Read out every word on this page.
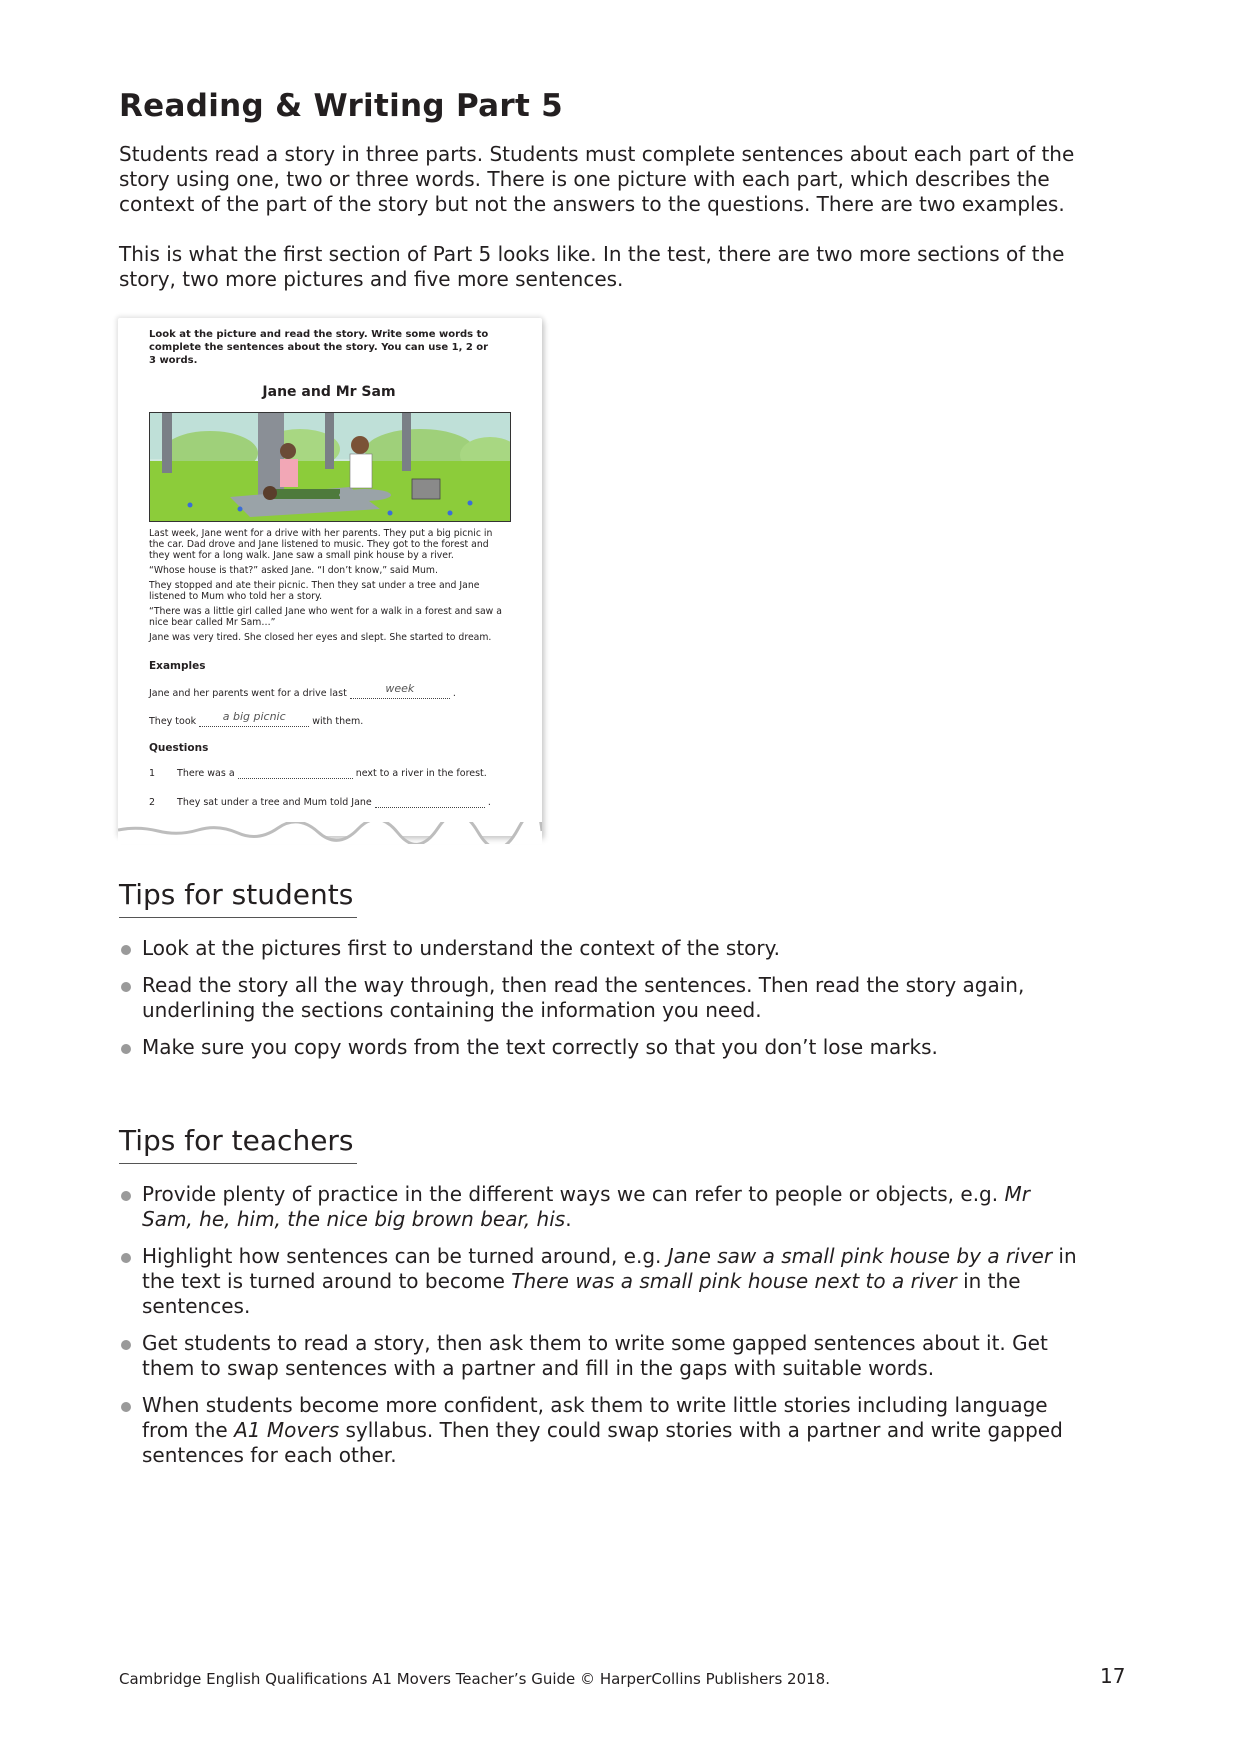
Reading & Writing Part 5

Students read a story in three parts. Students must complete sentences about each part of the story using one, two or three words. There is one picture with each part, which describes the context of the part of the story but not the answers to the questions. There are two examples.

This is what the first section of Part 5 looks like. In the test, there are two more sections of the story, two more pictures and five more sentences.

Look at the picture and read the story. Write some words to complete the sentences about the story. You can use 1, 2 or 3 words.
Jane and Mr Sam

Last week, Jane went for a drive with her parents. They put a big picnic in the car. Dad drove and Jane listened to music. They got to the forest and they went for a long walk. Jane saw a small pink house by a river.

“Whose house is that?” asked Jane. “I don’t know,” said Mum.

They stopped and ate their picnic. Then they sat under a tree and Jane listened to Mum who told her a story.

“There was a little girl called Jane who went for a walk in a forest and saw a nice bear called Mr Sam…”

Jane was very tired. She closed her eyes and slept. She started to dream.

Examples
Jane and her parents went for a drive last	week	.
They took	a big picnic	with them.
Questions
1 There was a	next to a river in the forest.
2 They sat under a tree and Mum told Jane	.
Tips for students
Look at the pictures first to understand the context of the story.
Read the story all the way through, then read the sentences. Then read the story again, underlining the sections containing the information you need.
Make sure you copy words from the text correctly so that you don’t lose marks.
Tips for teachers
Provide plenty of practice in the different ways we can refer to people or objects, e.g. Mr Sam, he, him, the nice big brown bear, his.
Highlight how sentences can be turned around, e.g. Jane saw a small pink house by a river in the text is turned around to become There was a small pink house next to a river in the sentences.
Get students to read a story, then ask them to write some gapped sentences about it. Get them to swap sentences with a partner and fill in the gaps with suitable words.
When students become more confident, ask them to write little stories including language from the A1 Movers syllabus. Then they could swap stories with a partner and write gapped sentences for each other.
Cambridge English Qualifications A1 Movers Teacher’s Guide © HarperCollins Publishers 2018.	17
